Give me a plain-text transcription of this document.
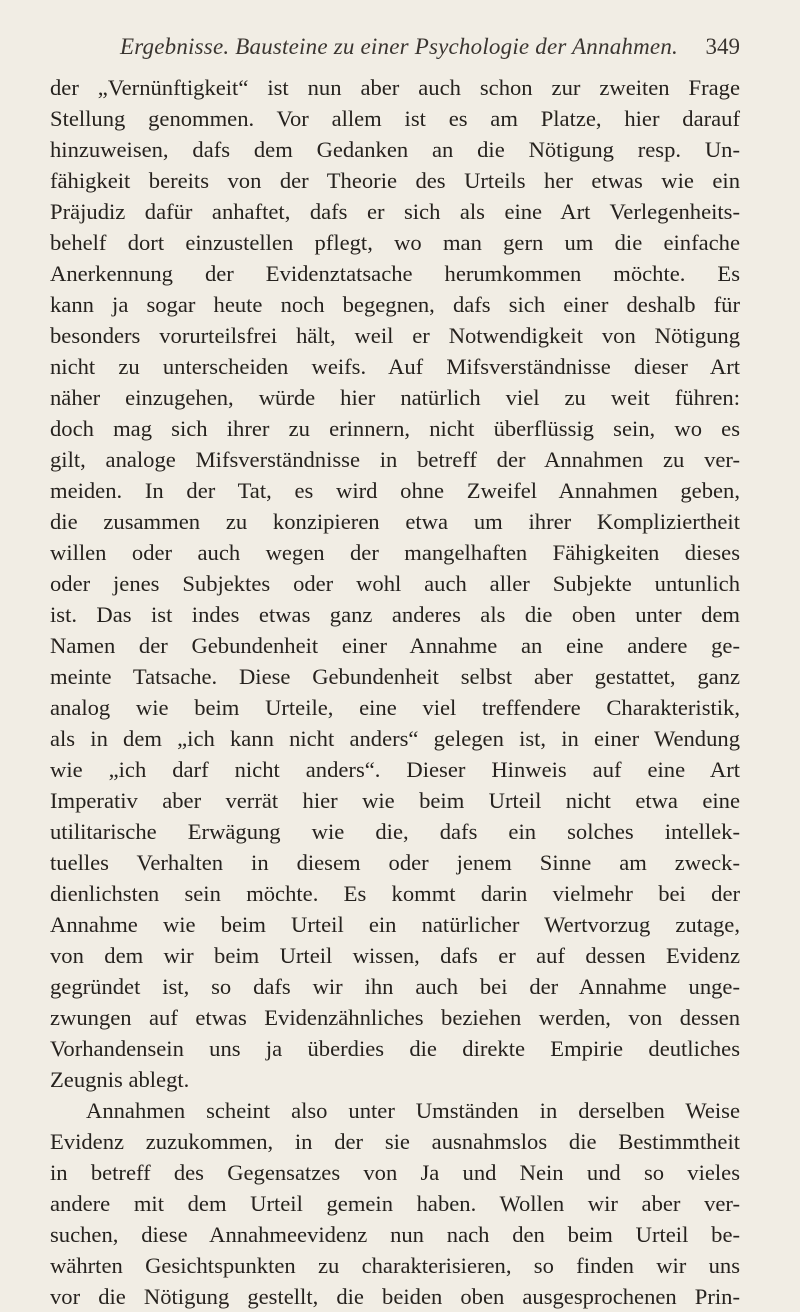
Ergebnisse. Bausteine zu einer Psychologie der Annahmen. 349
der „Vernünftigkeit“ ist nun aber auch schon zur zweiten Frage
Stellung genommen. Vor allem ist es am Platze, hier darauf
hinzuweisen, dafs dem Gedanken an die Nötigung resp. Un-
fähigkeit bereits von der Theorie des Urteils her etwas wie ein
Präjudiz dafür anhaftet, dafs er sich als eine Art Verlegenheits-
behelf dort einzustellen pflegt, wo man gern um die einfache
Anerkennung der Evidenztatsache herumkommen möchte. Es
kann ja sogar heute noch begegnen, dafs sich einer deshalb für
besonders vorurteilsfrei hält, weil er Notwendigkeit von Nötigung
nicht zu unterscheiden weifs. Auf Mifsverständnisse dieser Art
näher einzugehen, würde hier natürlich viel zu weit führen:
doch mag sich ihrer zu erinnern, nicht überflüssig sein, wo es
gilt, analoge Mifsverständnisse in betreff der Annahmen zu ver-
meiden. In der Tat, es wird ohne Zweifel Annahmen geben,
die zusammen zu konzipieren etwa um ihrer Kompliziertheit
willen oder auch wegen der mangelhaften Fähigkeiten dieses
oder jenes Subjektes oder wohl auch aller Subjekte untunlich
ist. Das ist indes etwas ganz anderes als die oben unter dem
Namen der Gebundenheit einer Annahme an eine andere ge-
meinte Tatsache. Diese Gebundenheit selbst aber gestattet, ganz
analog wie beim Urteile, eine viel treffendere Charakteristik,
als in dem „ich kann nicht anders“ gelegen ist, in einer Wendung
wie „ich darf nicht anders“. Dieser Hinweis auf eine Art
Imperativ aber verrät hier wie beim Urteil nicht etwa eine
utilitarische Erwägung wie die, dafs ein solches intellek-
tuelles Verhalten in diesem oder jenem Sinne am zweck-
dienlichsten sein möchte. Es kommt darin vielmehr bei der
Annahme wie beim Urteil ein natürlicher Wertvorzug zutage,
von dem wir beim Urteil wissen, dafs er auf dessen Evidenz
gegründet ist, so dafs wir ihn auch bei der Annahme unge-
zwungen auf etwas Evidenzähnliches beziehen werden, von dessen
Vorhandensein uns ja überdies die direkte Empirie deutliches
Zeugnis ablegt.
Annahmen scheint also unter Umständen in derselben Weise
Evidenz zuzukommen, in der sie ausnahmslos die Bestimmtheit
in betreff des Gegensatzes von Ja und Nein und so vieles
andere mit dem Urteil gemein haben. Wollen wir aber ver-
suchen, diese Annahmeevidenz nun nach den beim Urteil be-
währten Gesichtspunkten zu charakterisieren, so finden wir uns
vor die Nötigung gestellt, die beiden oben ausgesprochenen Prin-
